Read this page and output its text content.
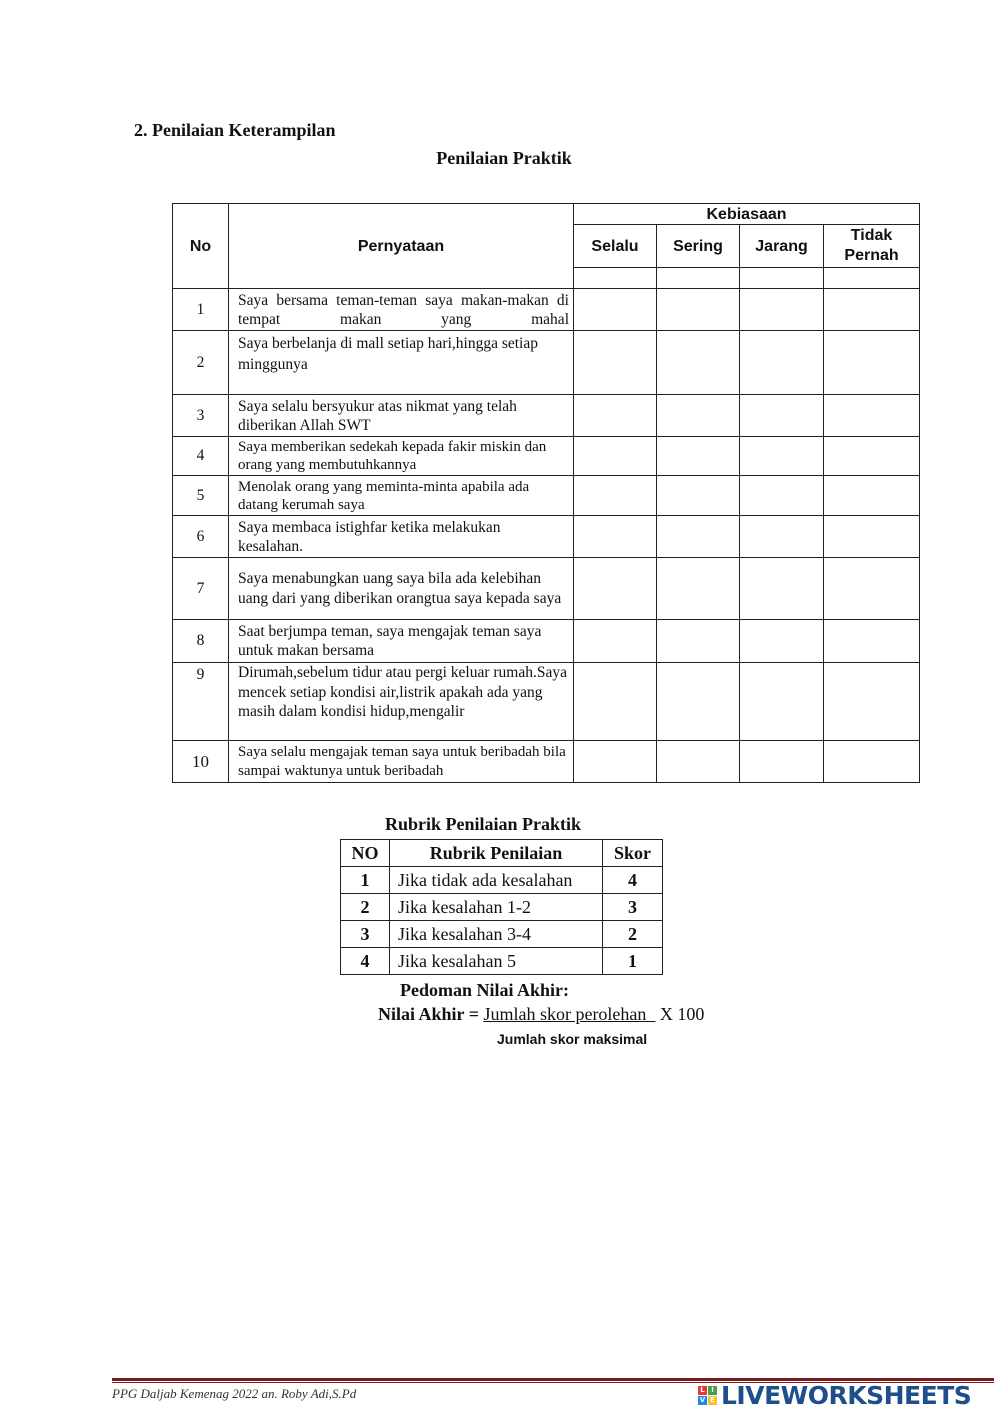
2. Penilaian Keterampilan
Penilaian Praktik
No	Pernyataan	Kebiasaan			
		Selalu	Sering	Jarang	Tidak Pernah

1	Saya bersama teman-teman saya makan-makan di tempat makan yang mahal				
2	Saya berbelanja di mall setiap hari,hingga setiap minggunya				
3	Saya selalu bersyukur atas nikmat yang telah diberikan Allah SWT				
4	Saya memberikan sedekah kepada fakir miskin dan orang yang membutuhkannya				
5	Menolak orang yang meminta-minta apabila ada datang kerumah saya				
6	Saya membaca istighfar ketika melakukan kesalahan.				
7	Saya menabungkan uang saya bila ada kelebihan uang dari yang diberikan orangtua saya kepada saya				
8	Saat berjumpa teman, saya mengajak teman saya untuk makan bersama				
9	Dirumah,sebelum tidur atau pergi keluar rumah.Saya mencek setiap kondisi air,listrik apakah ada yang masih dalam kondisi hidup,mengalir				
10	Saya selalu mengajak teman saya untuk beribadah bila sampai waktunya untuk beribadah				
Rubrik Penilaian Praktik
NO	Rubrik Penilaian	Skor
1	Jika tidak ada kesalahan	4
2	Jika kesalahan 1-2	3
3	Jika kesalahan 3-4	2
4	Jika kesalahan 5	1
Pedoman Nilai Akhir:
Nilai Akhir = Jumlah skor perolehan X 100
Jumlah skor maksimal
PPG Daljab Kemenag 2022 an. Roby Adi,S.Pd	L I
V E LIVEWORKSHEETS
